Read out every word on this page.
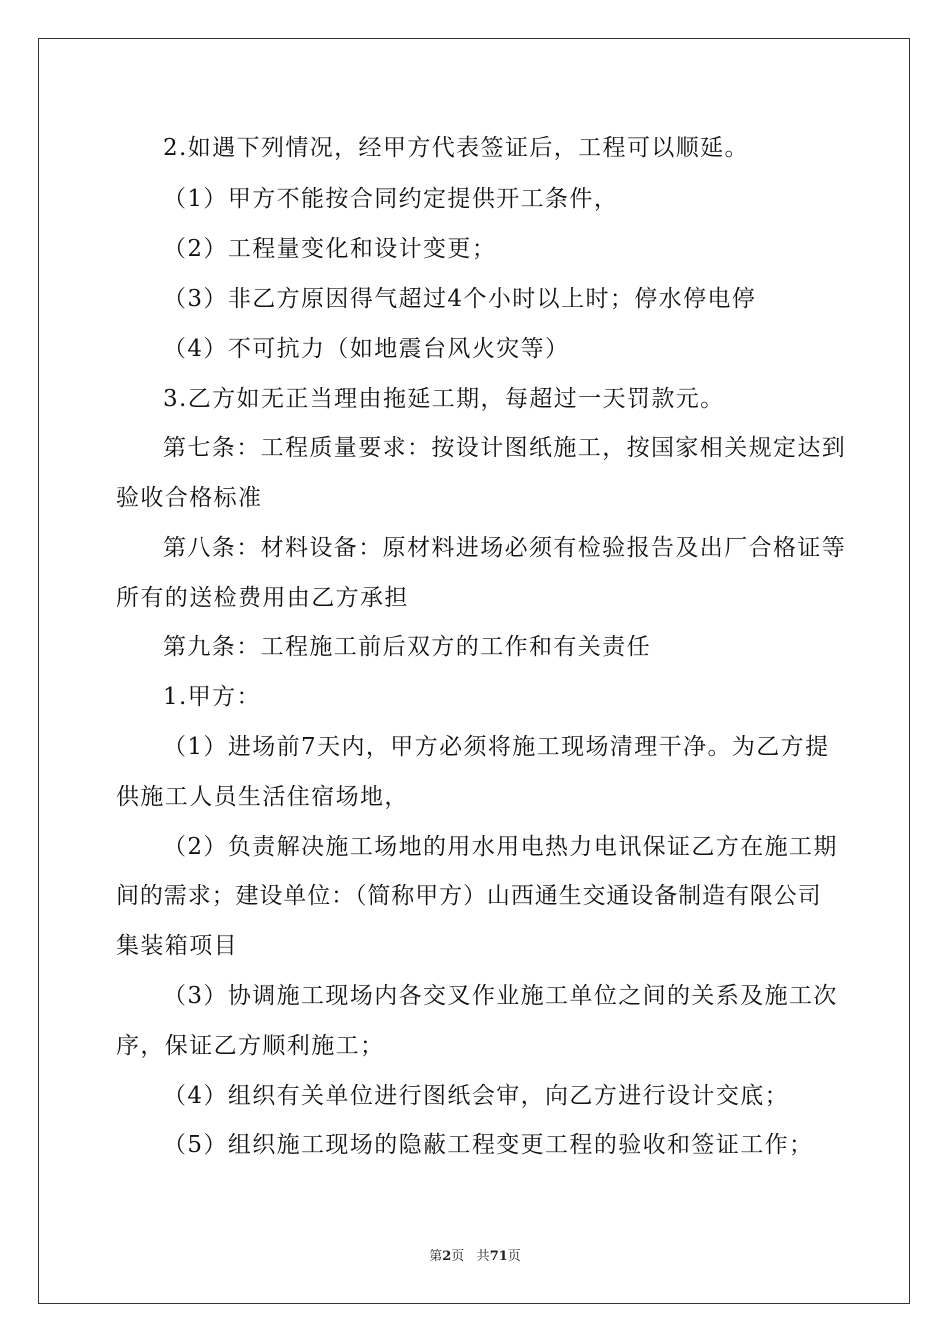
2.如遇下列情况，经甲方代表签证后，工程可以顺延。
（1）甲方不能按合同约定提供开工条件，
（2）工程量变化和设计变更；
（3）非乙方原因得气超过4个小时以上时；停水停电停
（4）不可抗力（如地震台风火灾等）
3.乙方如无正当理由拖延工期，每超过一天罚款元。
第七条：工程质量要求：按设计图纸施工，按国家相关规定达到
验收合格标准
第八条：材料设备：原材料进场必须有检验报告及出厂合格证等
所有的送检费用由乙方承担
第九条：工程施工前后双方的工作和有关责任
1.甲方：
（1）进场前7天内，甲方必须将施工现场清理干净。为乙方提
供施工人员生活住宿场地，
（2）负责解决施工场地的用水用电热力电讯保证乙方在施工期
间的需求；建设单位：（简称甲方）山西通生交通设备制造有限公司
集装箱项目
（3）协调施工现场内各交叉作业施工单位之间的关系及施工次
序，保证乙方顺利施工；
（4）组织有关单位进行图纸会审，向乙方进行设计交底；
（5）组织施工现场的隐蔽工程变更工程的验收和签证工作；
第2页 共71页
